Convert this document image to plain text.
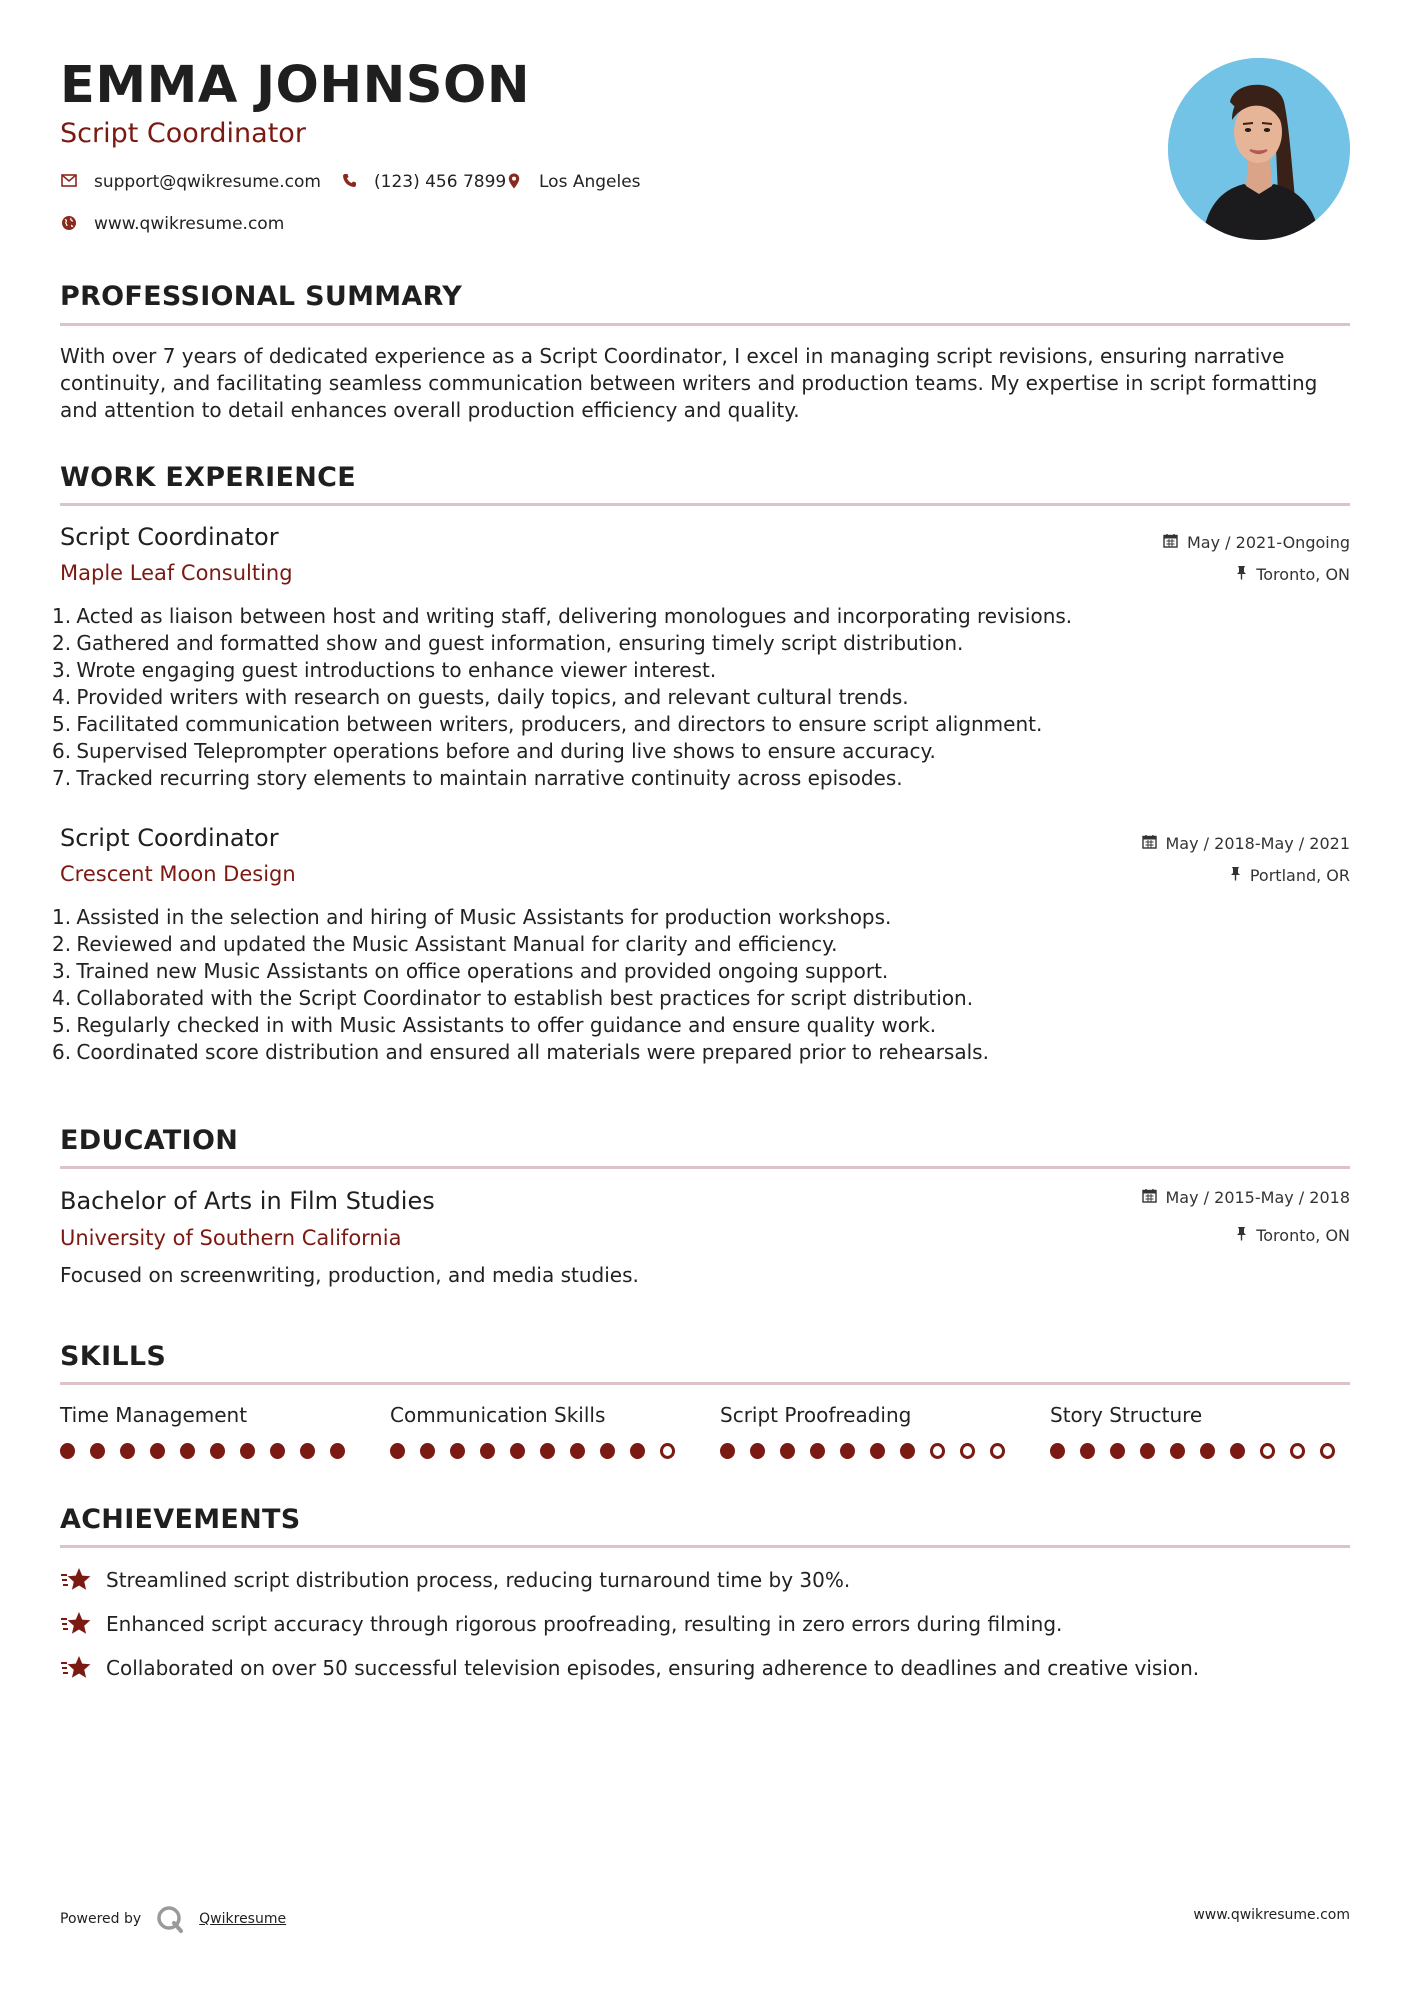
EMMA JOHNSON
Script Coordinator
support@qwikresume.com	(123) 456 7899 Los Angeles
www.qwikresume.com
PROFESSIONAL SUMMARY
With over 7 years of dedicated experience as a Script Coordinator, I excel in managing script revisions, ensuring narrative continuity, and facilitating seamless communication between writers and production teams. My expertise in script formatting and attention to detail enhances overall production efficiency and quality.
WORK EXPERIENCE
Script Coordinator
Maple Leaf Consulting
May / 2021-Ongoing
Toronto, ON
1. Acted as liaison between host and writing staff, delivering monologues and incorporating revisions.
2. Gathered and formatted show and guest information, ensuring timely script distribution.
3. Wrote engaging guest introductions to enhance viewer interest.
4. Provided writers with research on guests, daily topics, and relevant cultural trends.
5. Facilitated communication between writers, producers, and directors to ensure script alignment.
6. Supervised Teleprompter operations before and during live shows to ensure accuracy.
7. Tracked recurring story elements to maintain narrative continuity across episodes.
Script Coordinator
Crescent Moon Design
May / 2018-May / 2021
Portland, OR
1. Assisted in the selection and hiring of Music Assistants for production workshops.
2. Reviewed and updated the Music Assistant Manual for clarity and efficiency.
3. Trained new Music Assistants on office operations and provided ongoing support.
4. Collaborated with the Script Coordinator to establish best practices for script distribution.
5. Regularly checked in with Music Assistants to offer guidance and ensure quality work.
6. Coordinated score distribution and ensured all materials were prepared prior to rehearsals.
EDUCATION
Bachelor of Arts in Film Studies
University of Southern California
May / 2015-May / 2018
Toronto, ON
Focused on screenwriting, production, and media studies.
SKILLS
Time Management	Communication Skills	Script Proofreading	Story Structure
ACHIEVEMENTS
Streamlined script distribution process, reducing turnaround time by 30%.
Enhanced script accuracy through rigorous proofreading, resulting in zero errors during filming.
Collaborated on over 50 successful television episodes, ensuring adherence to deadlines and creative vision.
Powered by	Qwikresume	www.qwikresume.com
